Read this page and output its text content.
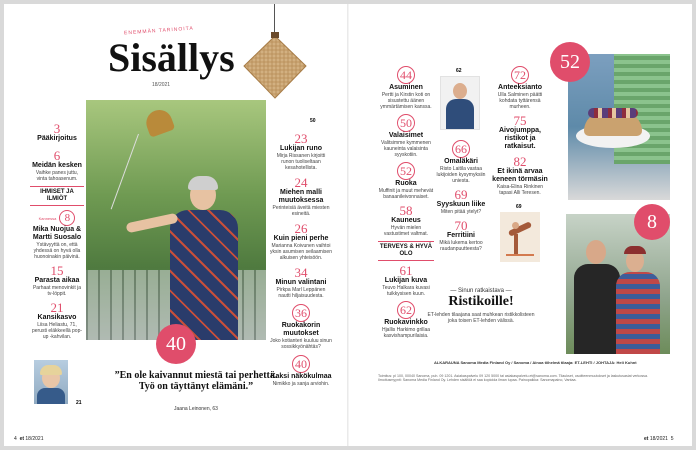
ENEMMÄN TARINOITA
Sisällys
18/2021
50
3
Pääkirjoitus
6
Meidän kesken
Vaihke panes juttu, vinta tahoasenum.
IHMISET JA ILMIÖT
Kannessa 8
Mika Nuojua & Martti Suosalo
Ystävyyttä on, että yhdessä on hyvä olla huonoinakin päivinä.
15
Parasta aikaa
Parhaat menovinkit ja tv-löppit.
21
Kansikasvo
Liisa Heliastu, 71, perusti eläkkeellä pop-up -kahvilan.
21
40
23
Lukijan runo
Mirja Rissanen kirjoitti runon tuoliseltaan kesahotellista.
24
Miehen malli muutoksessa
Perinteisiä äveitä miesten esineitä.
26
Kuin pieni perhe
Marianna Koivunen vaihtoi yksin asumisen seilaamisen alkuisen yhteisöön.
34
Minun valintani
Pirkpa Marl Leppänen nautti hiljaisuudesta.
36
Ruokakorin muutokset
Joko kotianteri kuuluu sinun sossikkyönähtäs?
40
Kaksi näkökulmaa
Nimikko ja sanja arviohin.
”En ole kaivannut miestä tai perhettä. Työ on täyttänyt elämäni.”
Jaana Leinonen, 63
4 et 18/2021
44
Asuminen
Pertti ja Kirstin koti on sisustettu äänen ymmärtämisen kanssa.
50
Valaisimet
Valitsimme kymmenen kauneinta valaisinta syyskotiin.
52
Ruoka
Muffinit ja muut mehevät banaanileivonnaiset.
58
Kauneus
Hyvän mielen vastustimet valtmat.
TERVEYS & HYVÄ OLO
61
Lukijan kuva
Teuvo Halkara kuvasi tuikkysisen kuun.
62
Ruokavinkko
Hjallis Harkimo grillaa kasvishampurilaisia.
62
66
Omaläkäri
Risto Laitila vastaa lukijoiden kysymyksiin uniesta.
69
Syyskuun liike
Miten pitää ytelyt?
70
Ferritiini
Mikä lukema kertoo raudanpuutteesta?
69
72
Anteeksianto
Ulla Salminen päätti kohdata tyttärensä murheen.
75
Aivojumppa, ristikot ja ratkaisut.
82
Et ikinä arvaa keneen törmäsin
Kaisa-Elina Rinkinen tapasi Alli Teresen.
52
8
— Sinun ratkaistava —
Ristikoille!
ET-lehden tilaajana saat muhkean ristikkolisteen joka toisen ET-lehden välissä.
ALKARAUNA Sanoma Media Finland Oy / Sanoma / Ainoa tiihelmä tilaaja: ET-LEHTI / JOHTAJA: Heli Kuhnt
Toimitus: pl 100, 00040 Sanoma, puh. 09 1201. Asiakaspalvelu 09 120 5000 tai asiakaspalvelu.et@sanoma.com. Tilaukset, osoitteenmuutokset ja laskutusasiat verkossa. Ilmoitusmyynti: Sanoma Media Finland Oy. Lehden sisältöä ei saa kopioida ilman lupaa. Painopaikka: Sanomapaino, Vantaa.
et 18/2021 5
